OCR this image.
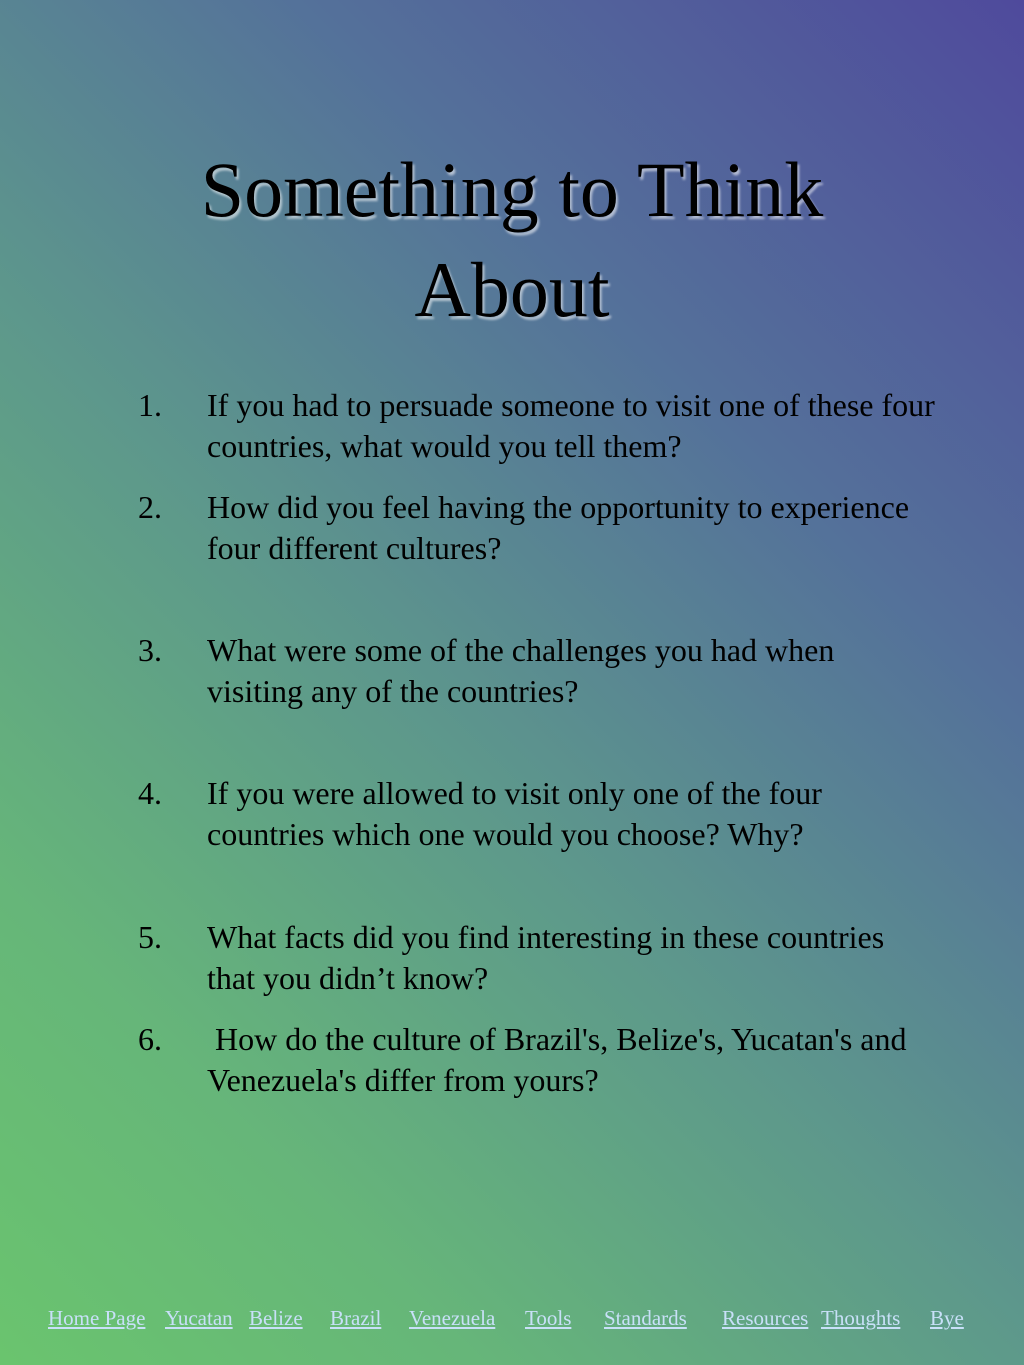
Something to Think About
1.	If you had to persuade someone to visit one of these four countries, what would you tell them?
2.	How did you feel having the opportunity to experience four different cultures?
3.	What were some of the challenges you had when visiting any of the countries?
4.	If you were allowed to visit only one of the four countries which one would you choose? Why?
5.	What facts did you find interesting in these countries that you didn’t know?
6.	How do the culture of Brazil's, Belize's, Yucatan's and Venezuela's differ from yours?
Home Page Yucatan Belize Brazil Venezuela Tools Standards Resources Thoughts Bye
